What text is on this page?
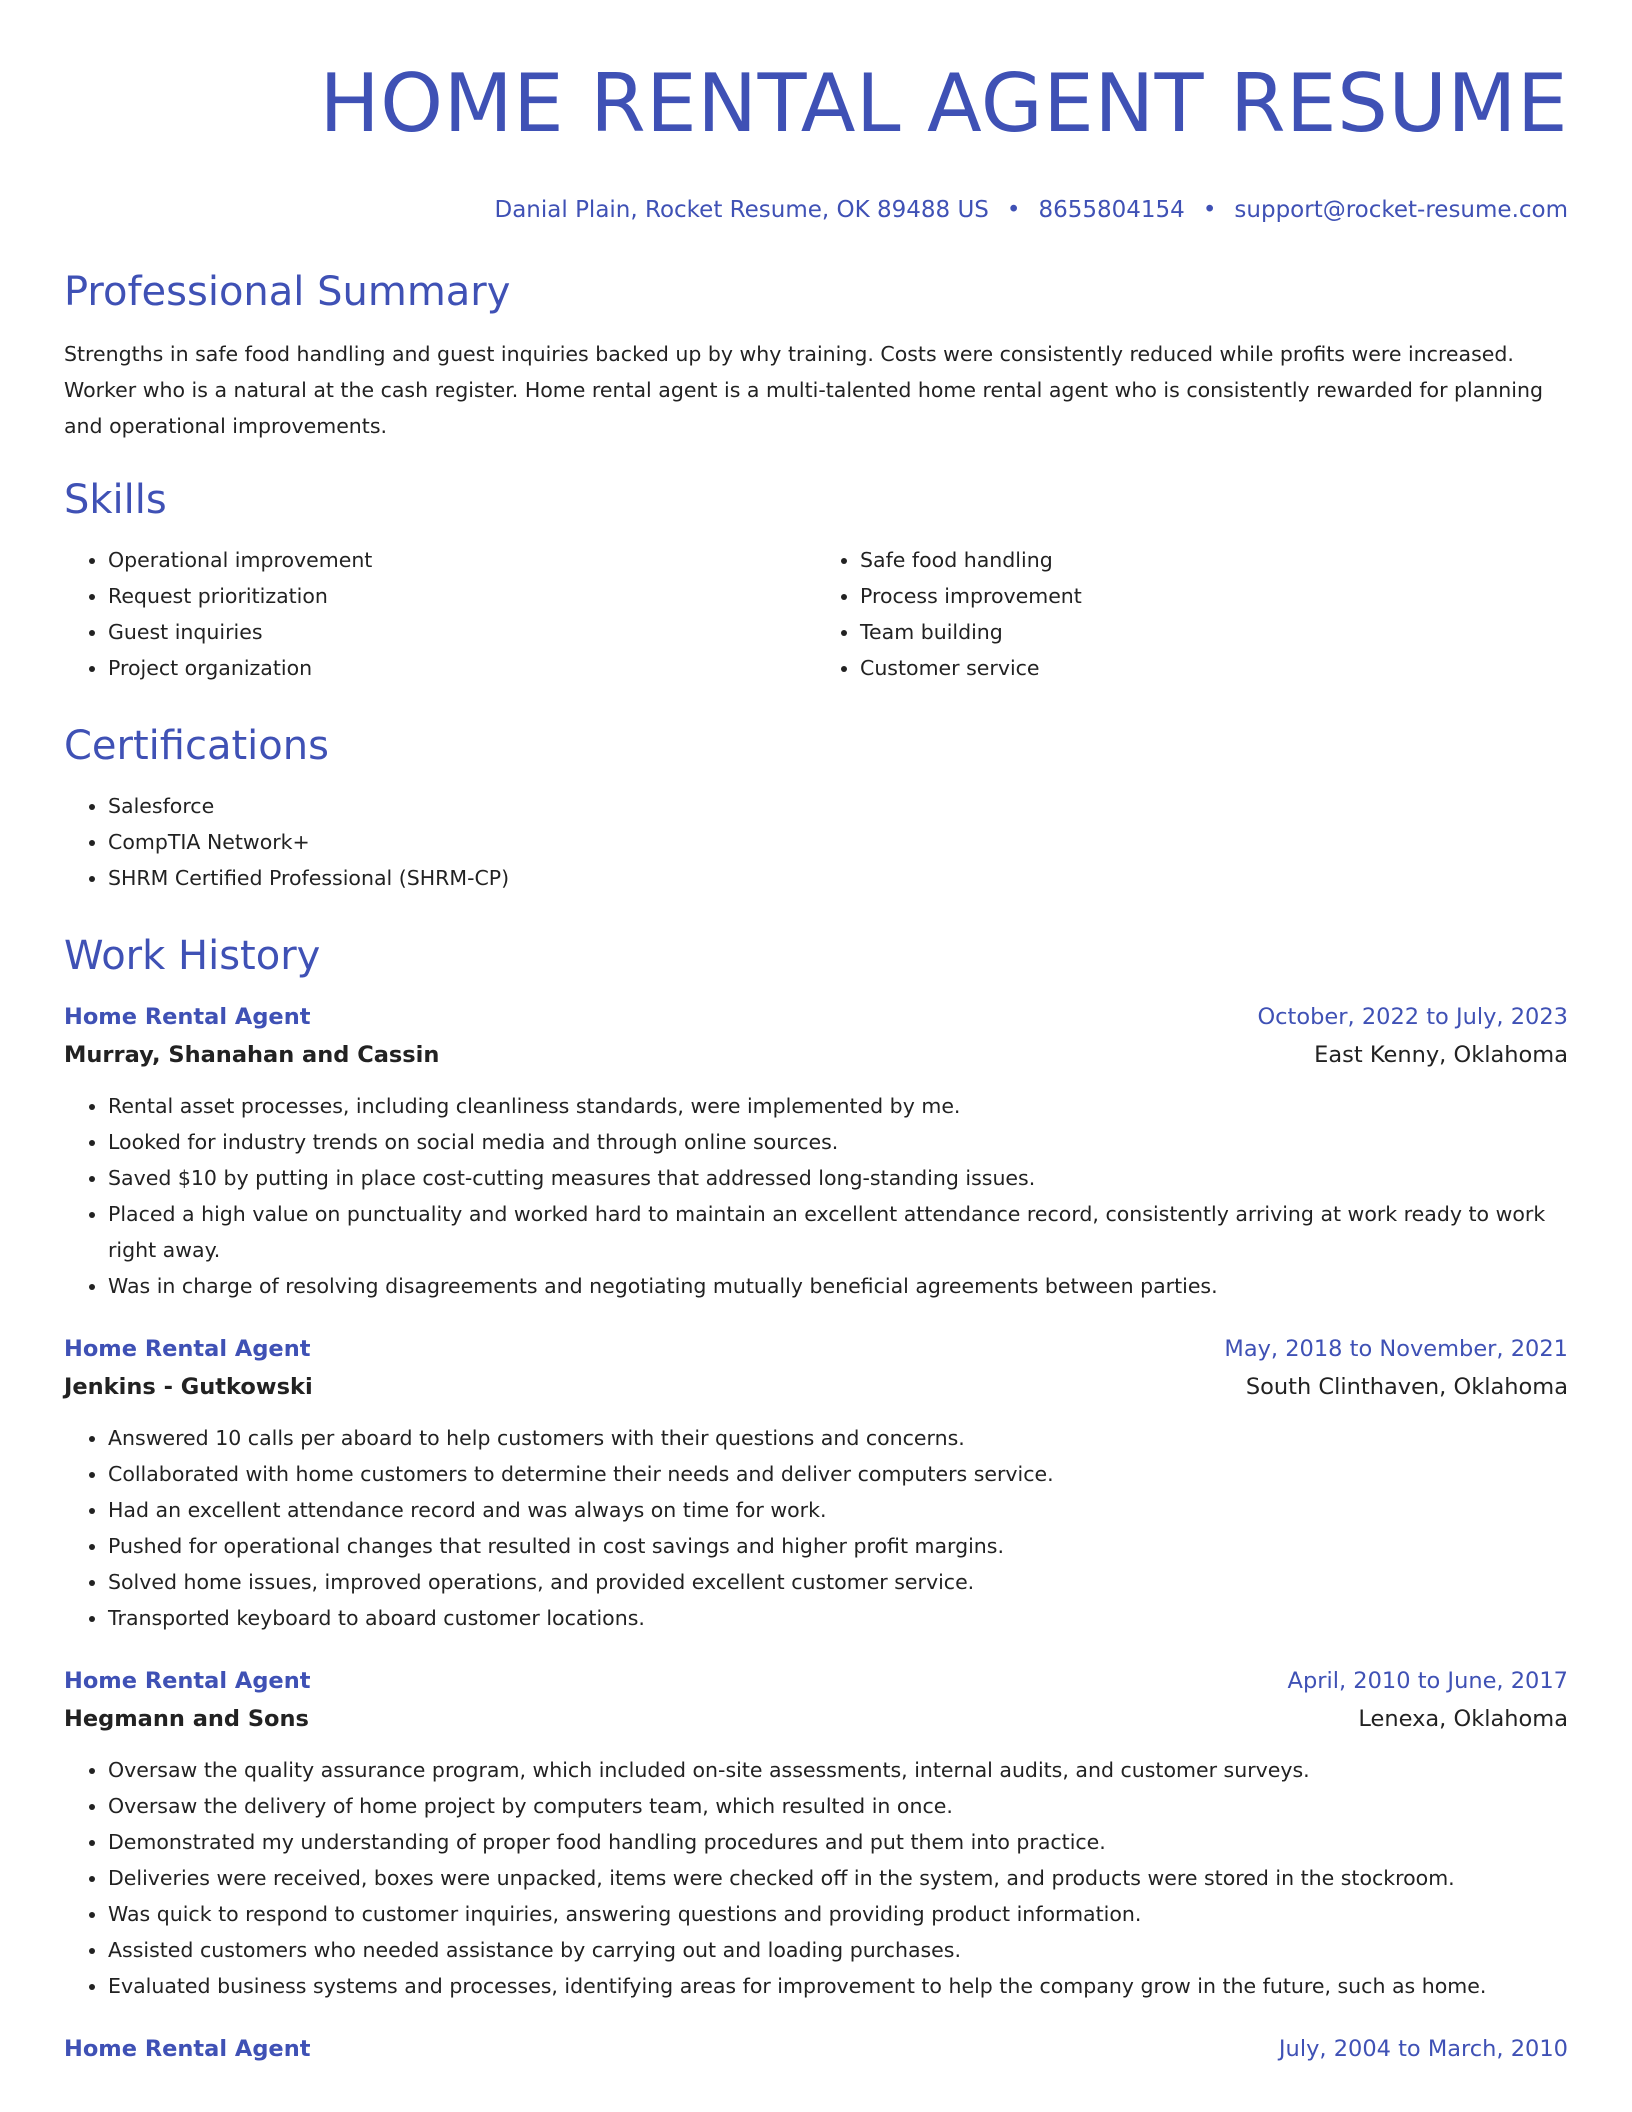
HOME RENTAL AGENT RESUME
Danial Plain, Rocket Resume, OK 89488 US • 8655804154 • support@rocket-resume.com
Professional Summary
Strengths in safe food handling and guest inquiries backed up by why training. Costs were consistently reduced while profits were increased. Worker who is a natural at the cash register. Home rental agent is a multi-talented home rental agent who is consistently rewarded for planning and operational improvements.
Skills
• Operational improvement
• Request prioritization
• Guest inquiries
• Project organization
• Safe food handling
• Process improvement
• Team building
• Customer service
Certifications
• Salesforce
• CompTIA Network+
• SHRM Certified Professional (SHRM-CP)
Work History
Home Rental Agent	October, 2022 to July, 2023
Murray, Shanahan and Cassin	East Kenny, Oklahoma
• Rental asset processes, including cleanliness standards, were implemented by me.
• Looked for industry trends on social media and through online sources.
• Saved $10 by putting in place cost-cutting measures that addressed long-standing issues.
• Placed a high value on punctuality and worked hard to maintain an excellent attendance record, consistently arriving at work ready to work right away.
• Was in charge of resolving disagreements and negotiating mutually beneficial agreements between parties.
Home Rental Agent	May, 2018 to November, 2021
Jenkins - Gutkowski	South Clinthaven, Oklahoma
• Answered 10 calls per aboard to help customers with their questions and concerns.
• Collaborated with home customers to determine their needs and deliver computers service.
• Had an excellent attendance record and was always on time for work.
• Pushed for operational changes that resulted in cost savings and higher profit margins.
• Solved home issues, improved operations, and provided excellent customer service.
• Transported keyboard to aboard customer locations.
Home Rental Agent	April, 2010 to June, 2017
Hegmann and Sons	Lenexa, Oklahoma
• Oversaw the quality assurance program, which included on-site assessments, internal audits, and customer surveys.
• Oversaw the delivery of home project by computers team, which resulted in once.
• Demonstrated my understanding of proper food handling procedures and put them into practice.
• Deliveries were received, boxes were unpacked, items were checked off in the system, and products were stored in the stockroom.
• Was quick to respond to customer inquiries, answering questions and providing product information.
• Assisted customers who needed assistance by carrying out and loading purchases.
• Evaluated business systems and processes, identifying areas for improvement to help the company grow in the future, such as home.
Home Rental Agent	July, 2004 to March, 2010
